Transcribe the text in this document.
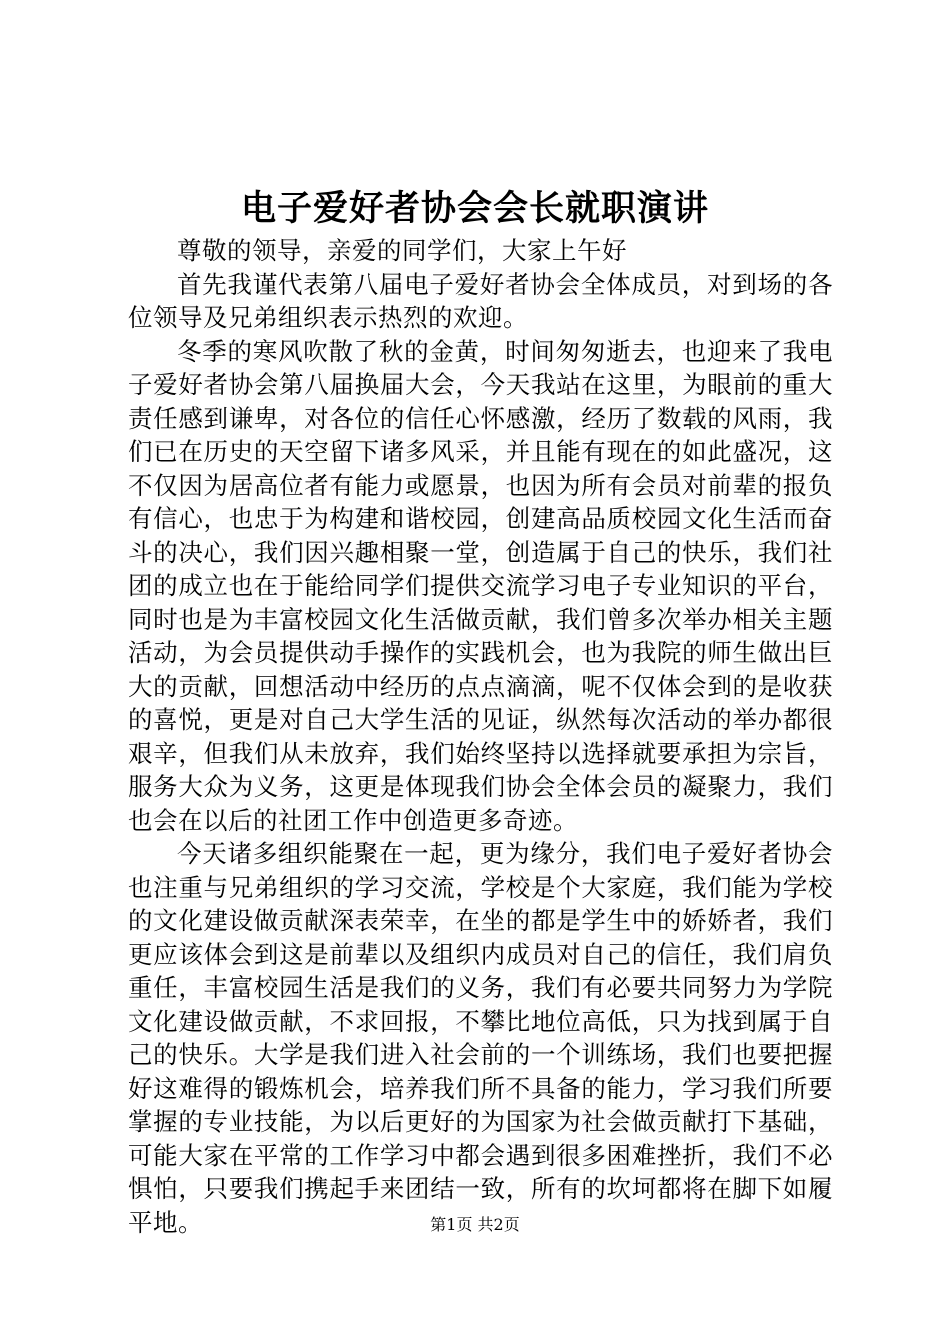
电子爱好者协会会长就职演讲

尊敬的领导，亲爱的同学们，大家上午好

首先我谨代表第八届电子爱好者协会全体成员，对到场的各位领导及兄弟组织表示热烈的欢迎。

冬季的寒风吹散了秋的金黄，时间匆匆逝去，也迎来了我电子爱好者协会第八届换届大会，今天我站在这里，为眼前的重大责任感到谦卑，对各位的信任心怀感激，经历了数载的风雨，我们已在历史的天空留下诸多风采，并且能有现在的如此盛况，这不仅因为居高位者有能力或愿景，也因为所有会员对前辈的报负有信心，也忠于为构建和谐校园，创建高品质校园文化生活而奋斗的决心，我们因兴趣相聚一堂，创造属于自己的快乐，我们社团的成立也在于能给同学们提供交流学习电子专业知识的平台，同时也是为丰富校园文化生活做贡献，我们曾多次举办相关主题活动，为会员提供动手操作的实践机会，也为我院的师生做出巨大的贡献，回想活动中经历的点点滴滴，呢不仅体会到的是收获的喜悦，更是对自己大学生活的见证，纵然每次活动的举办都很艰辛，但我们从未放弃，我们始终坚持以选择就要承担为宗旨，服务大众为义务，这更是体现我们协会全体会员的凝聚力，我们也会在以后的社团工作中创造更多奇迹。

今天诸多组织能聚在一起，更为缘分，我们电子爱好者协会也注重与兄弟组织的学习交流，学校是个大家庭，我们能为学校的文化建设做贡献深表荣幸，在坐的都是学生中的娇娇者，我们更应该体会到这是前辈以及组织内成员对自己的信任，我们肩负重任，丰富校园生活是我们的义务，我们有必要共同努力为学院文化建设做贡献，不求回报，不攀比地位高低，只为找到属于自己的快乐。大学是我们进入社会前的一个训练场，我们也要把握好这难得的锻炼机会，培养我们所不具备的能力，学习我们所要掌握的专业技能，为以后更好的为国家为社会做贡献打下基础，可能大家在平常的工作学习中都会遇到很多困难挫折，我们不必惧怕，只要我们携起手来团结一致，所有的坎坷都将在脚下如履平地。	第1页 共2页
